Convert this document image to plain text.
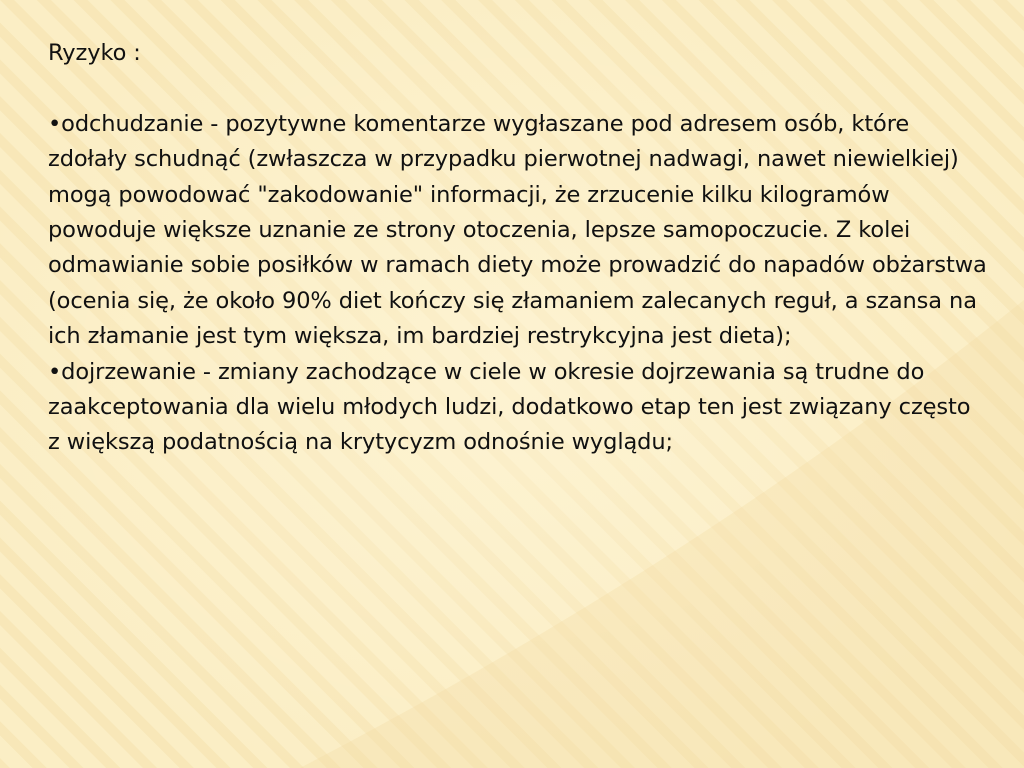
Ryzyko :

•odchudzanie - pozytywne komentarze wygłaszane pod adresem osób, które zdołały schudnąć (zwłaszcza w przypadku pierwotnej nadwagi, nawet niewielkiej) mogą powodować "zakodowanie" informacji, że zrzucenie kilku kilogramów powoduje większe uznanie ze strony otoczenia, lepsze samopoczucie. Z kolei odmawianie sobie posiłków w ramach diety może prowadzić do napadów obżarstwa (ocenia się, że około 90% diet kończy się złamaniem zalecanych reguł, a szansa na ich złamanie jest tym większa, im bardziej restrykcyjna jest dieta);

•dojrzewanie - zmiany zachodzące w ciele w okresie dojrzewania są trudne do zaakceptowania dla wielu młodych ludzi, dodatkowo etap ten jest związany często z większą podatnością na krytycyzm odnośnie wyglądu;
